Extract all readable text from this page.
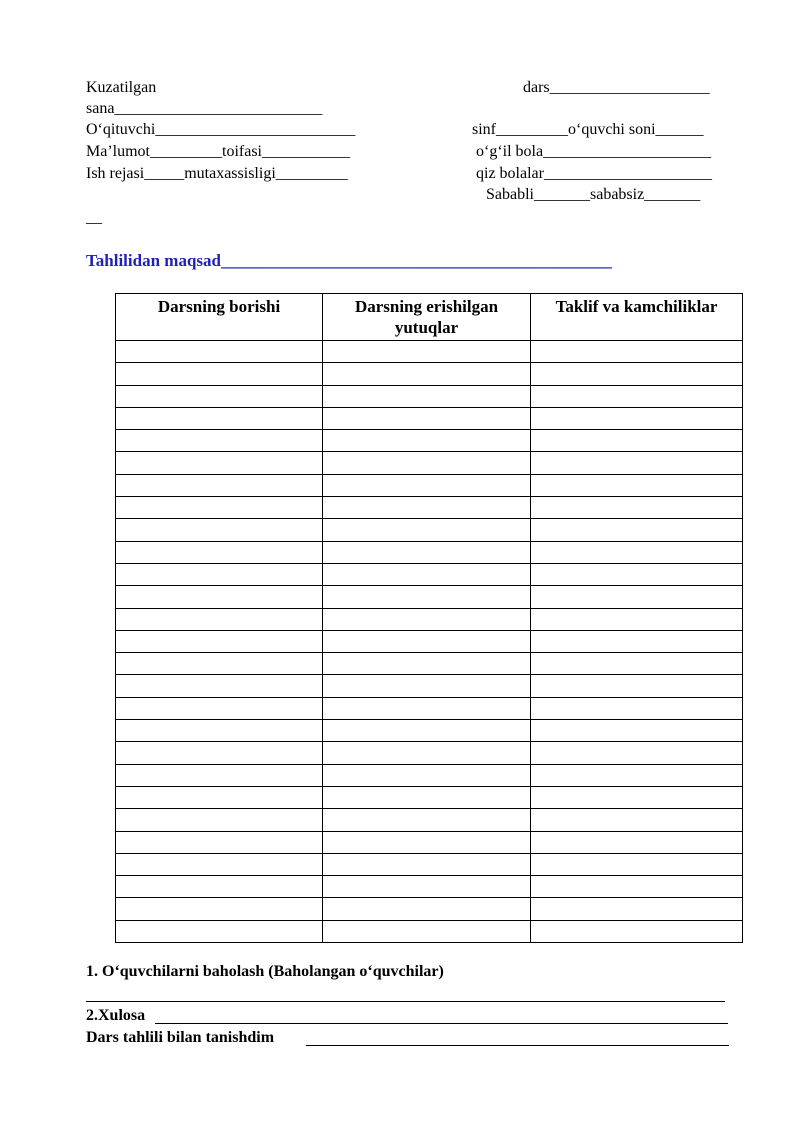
Kuzatilgan	dars____________________
sana__________________________
O‘qituvchi_________________________	sinf_________o‘quvchi soni______
Ma’lumot_________toifasi___________	o‘g‘il bola_____________________
Ish rejasi_____mutaxassisligi_________	qiz bolalar_____________________
Sababli_______sababsiz_______
__
Tahlilidan maqsad______________________________________________
Darsning borishi	Darsning erishilgan yutuqlar	Taklif va kamchiliklar

1. O‘quvchilarni baholash (Baholangan o‘quvchilar)
2.Xulosa
Dars tahlili bilan tanishdim
